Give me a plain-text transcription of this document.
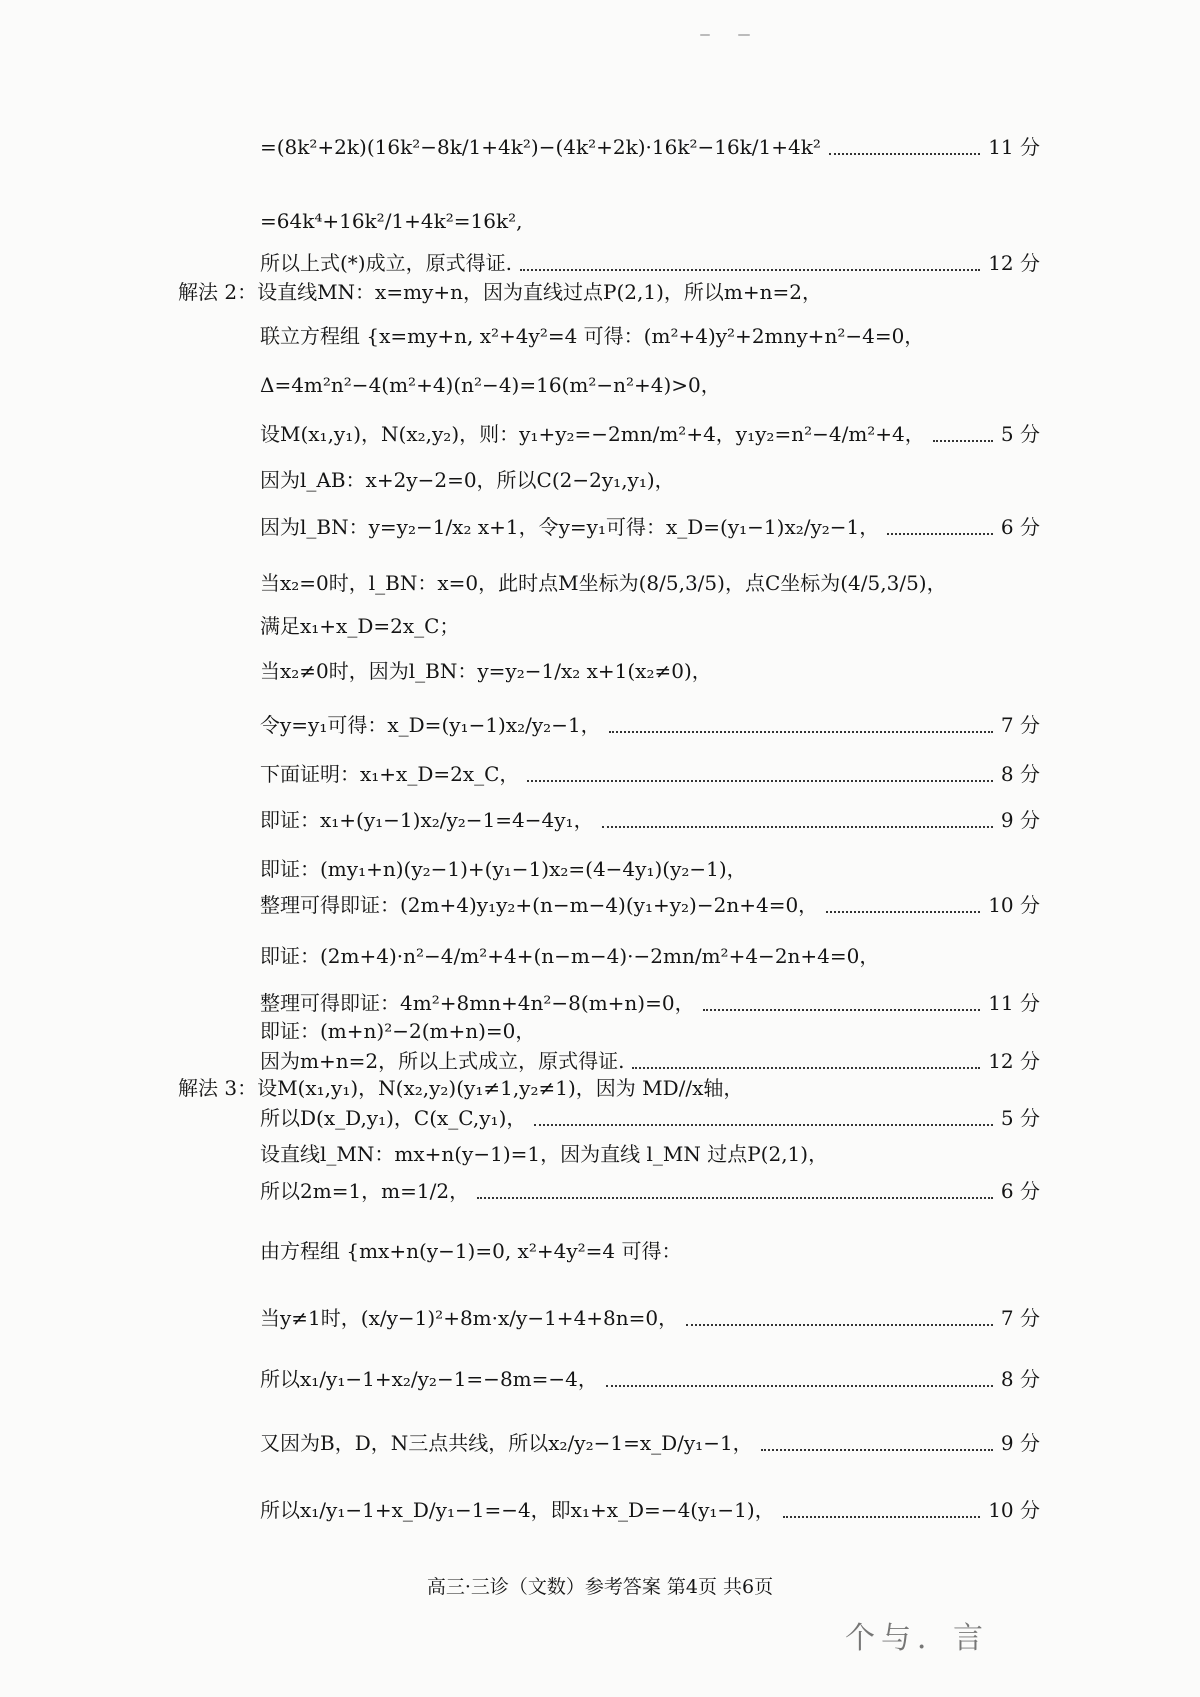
=(8k²+2k)(16k²−8k/1+4k²)−(4k²+2k)·16k²−16k/1+4k²	11 分
=64k⁴+16k²/1+4k²=16k²,
所以上式(*)成立，原式得证.	12 分
解法 2：设直线MN：x=my+n，因为直线过点P(2,1)，所以m+n=2，
联立方程组 {x=my+n, x²+4y²=4 可得：(m²+4)y²+2mny+n²−4=0，
Δ=4m²n²−4(m²+4)(n²−4)=16(m²−n²+4)>0，
设M(x₁,y₁)，N(x₂,y₂)，则：y₁+y₂=−2mn/m²+4，y₁y₂=n²−4/m²+4，	5 分
因为l_AB：x+2y−2=0，所以C(2−2y₁,y₁)，
因为l_BN：y=y₂−1/x₂ x+1，令y=y₁可得：x_D=(y₁−1)x₂/y₂−1，	6 分
当x₂=0时，l_BN：x=0，此时点M坐标为(8/5,3/5)，点C坐标为(4/5,3/5)，
满足x₁+x_D=2x_C；
当x₂≠0时，因为l_BN：y=y₂−1/x₂ x+1(x₂≠0)，
令y=y₁可得：x_D=(y₁−1)x₂/y₂−1，	7 分
下面证明：x₁+x_D=2x_C，	8 分
即证：x₁+(y₁−1)x₂/y₂−1=4−4y₁，	9 分
即证：(my₁+n)(y₂−1)+(y₁−1)x₂=(4−4y₁)(y₂−1)，
整理可得即证：(2m+4)y₁y₂+(n−m−4)(y₁+y₂)−2n+4=0，	10 分
即证：(2m+4)·n²−4/m²+4+(n−m−4)·−2mn/m²+4−2n+4=0，
整理可得即证：4m²+8mn+4n²−8(m+n)=0，	11 分
即证：(m+n)²−2(m+n)=0，
因为m+n=2，所以上式成立，原式得证.	12 分
解法 3：设M(x₁,y₁)，N(x₂,y₂)(y₁≠1,y₂≠1)，因为 MD//x轴，
所以D(x_D,y₁)，C(x_C,y₁)，	5 分
设直线l_MN：mx+n(y−1)=1，因为直线 l_MN 过点P(2,1)，
所以2m=1，m=1/2，	6 分
由方程组 {mx+n(y−1)=0, x²+4y²=4 可得：
当y≠1时，(x/y−1)²+8m·x/y−1+4+8n=0，	7 分
所以x₁/y₁−1+x₂/y₂−1=−8m=−4，	8 分
又因为B，D，N三点共线，所以x₂/y₂−1=x_D/y₁−1，	9 分
所以x₁/y₁−1+x_D/y₁−1=−4，即x₁+x_D=−4(y₁−1)，	10 分
高三·三诊（文数）参考答案 第4页 共6页
个与．言
